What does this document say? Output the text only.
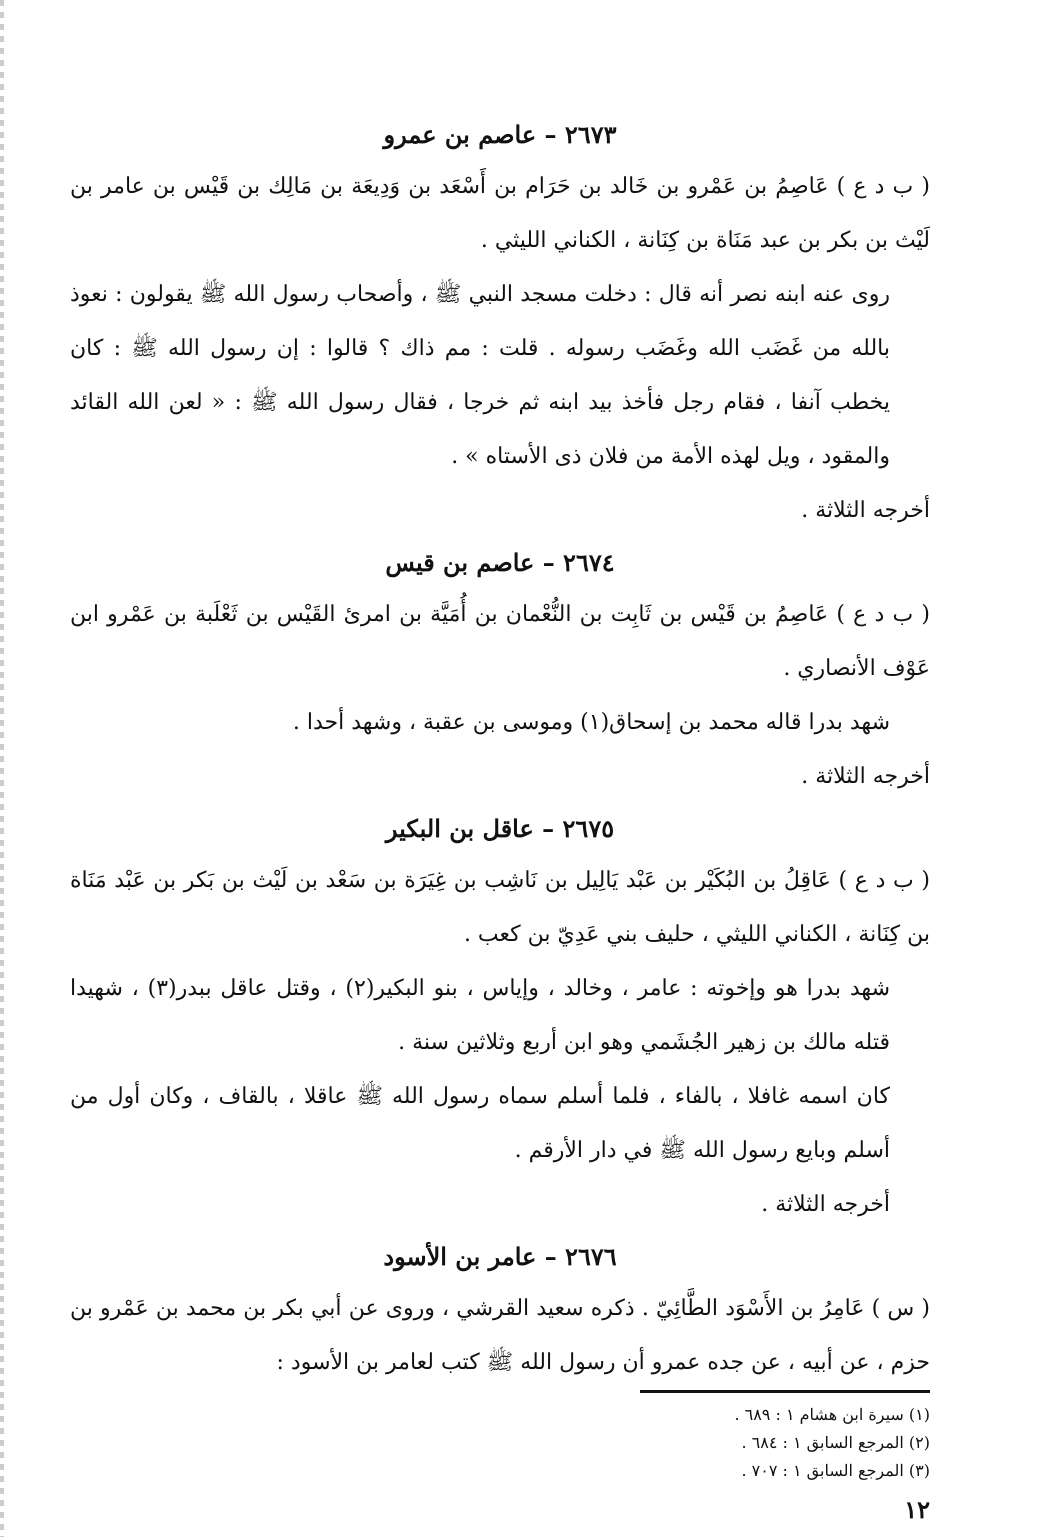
٢٦٧٣ – عاصم بن عمرو

( ب د ع ) عَاصِمُ بن عَمْرو بن خَالد بن حَرَام بن أَسْعَد بن وَدِيعَة بن مَالِك بن قَيْس بن عامر بن لَيْث بن بكر بن عبد مَنَاة بن كِنَانة ، الكناني الليثي .

روى عنه ابنه نصر أنه قال : دخلت مسجد النبي ﷺ ، وأصحاب رسول الله ﷺ يقولون : نعوذ بالله من غَضَب الله وغَضَب رسوله . قلت : مم ذاك ؟ قالوا : إن رسول الله ﷺ : كان يخطب آنفا ، فقام رجل فأخذ بيد ابنه ثم خرجا ، فقال رسول الله ﷺ : « لعن الله القائد والمقود ، ويل لهذه الأمة من فلان ذى الأستاه » .

أخرجه الثلاثة .

٢٦٧٤ – عاصم بن قيس

( ب د ع ) عَاصِمُ بن قَيْس بن ثَابِت بن النُّعْمان بن أُمَيَّة بن امرئ القَيْس بن ثَعْلَبة بن عَمْرو ابن عَوْف الأنصاري .

شهد بدرا قاله محمد بن إسحاق(١) وموسى بن عقبة ، وشهد أحدا .

أخرجه الثلاثة .

٢٦٧٥ – عاقل بن البكير

( ب د ع ) عَاقِلُ بن البُكَيْر بن عَبْد يَالِيل بن نَاشِب بن غِيَرَة بن سَعْد بن لَيْث بن بَكر بن عَبْد مَنَاة بن كِنَانة ، الكناني الليثي ، حليف بني عَدِيّ بن كعب .

شهد بدرا هو وإخوته : عامر ، وخالد ، وإياس ، بنو البكير(٢) ، وقتل عاقل ببدر(٣) ، شهيدا قتله مالك بن زهير الجُشَمي وهو ابن أربع وثلاثين سنة .

كان اسمه غافلا ، بالفاء ، فلما أسلم سماه رسول الله ﷺ عاقلا ، بالقاف ، وكان أول من أسلم وبايع رسول الله ﷺ في دار الأرقم .

أخرجه الثلاثة .

٢٦٧٦ – عامر بن الأسود

( س ) عَامِرُ بن الأَسْوَد الطَّائِيّ . ذكره سعيد القرشي ، وروى عن أبي بكر بن محمد بن عَمْرو بن حزم ، عن أبيه ، عن جده عمرو أن رسول الله ﷺ كتب لعامر بن الأسود :

(١) سيرة ابن هشام ١ : ٦٨٩ .
(٢) المرجع السابق ١ : ٦٨٤ .
(٣) المرجع السابق ١ : ٧٠٧ .
١٢
